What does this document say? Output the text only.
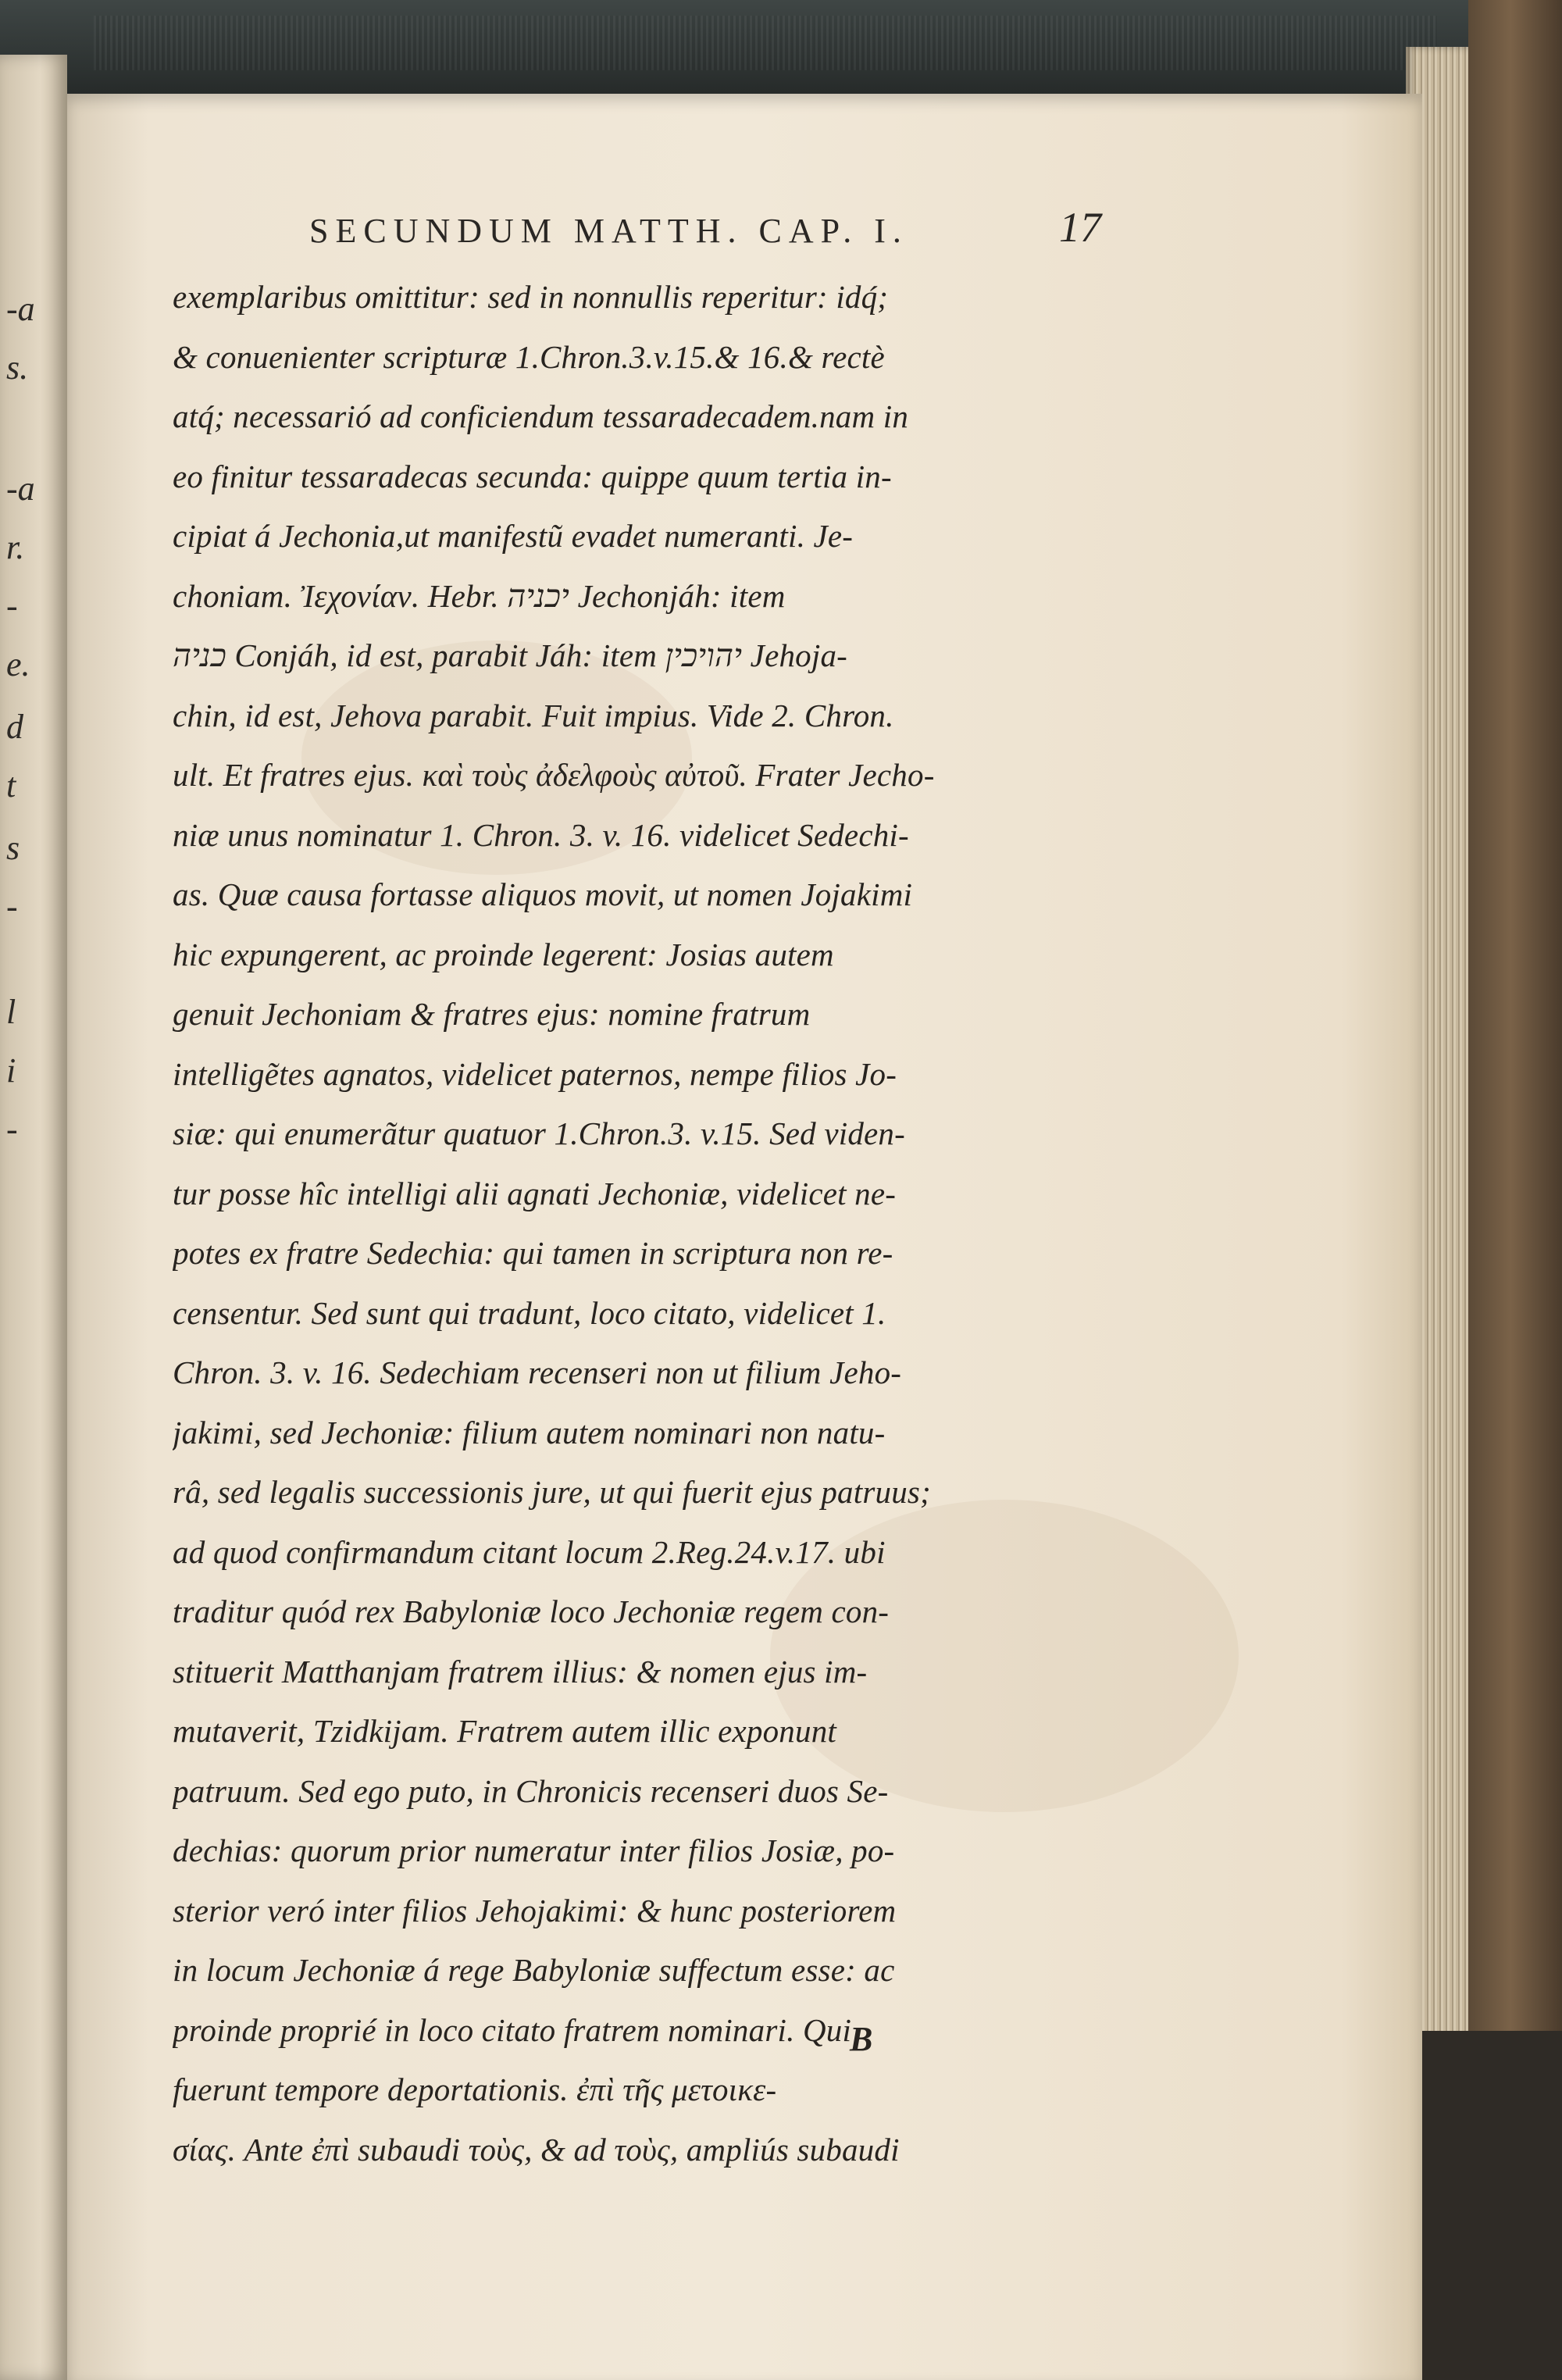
-a
s.
-a
r.
-
e.
d
t
s
-
l
i
-
SECUNDUM MATTH. CAP. I.	17
exemplaribus omittitur: sed in nonnullis reperitur: idq́;
& conuenienter scripturæ 1.Chron.3.v.15.& 16.& rectè
atq́; necessarió ad conficiendum tessaradecadem.nam in
eo finitur tessaradecas secunda: quippe quum tertia in-
cipiat á Jechonia,ut manifestũ evadet numeranti. Je-
choniam. Ἰεχονίαν. Hebr. יכניה Jechonjáh: item
כניה Conjáh, id est, parabit Jáh: item יהויכין Jehoja-
chin, id est, Jehova parabit. Fuit impius. Vide 2. Chron.
ult. Et fratres ejus. καὶ τοὺς ἀδελφοὺς αὐτοῦ. Frater Jecho-
niæ unus nominatur 1. Chron. 3. v. 16. videlicet Sedechi-
as. Quæ causa fortasse aliquos movit, ut nomen Jojakimi
hic expungerent, ac proinde legerent: Josias autem
genuit Jechoniam & fratres ejus: nomine fratrum
intelligẽtes agnatos, videlicet paternos, nempe filios Jo-
siæ: qui enumerãtur quatuor 1.Chron.3. v.15. Sed viden-
tur posse hîc intelligi alii agnati Jechoniæ, videlicet ne-
potes ex fratre Sedechia: qui tamen in scriptura non re-
censentur. Sed sunt qui tradunt, loco citato, videlicet 1.
Chron. 3. v. 16. Sedechiam recenseri non ut filium Jeho-
jakimi, sed Jechoniæ: filium autem nominari non natu-
râ, sed legalis successionis jure, ut qui fuerit ejus patruus;
ad quod confirmandum citant locum 2.Reg.24.v.17. ubi
traditur quód rex Babyloniæ loco Jechoniæ regem con-
stituerit Matthanjam fratrem illius: & nomen ejus im-
mutaverit, Tzidkijam. Fratrem autem illic exponunt
patruum. Sed ego puto, in Chronicis recenseri duos Se-
dechias: quorum prior numeratur inter filios Josiæ, po-
sterior veró inter filios Jehojakimi: & hunc posteriorem
in locum Jechoniæ á rege Babyloniæ suffectum esse: ac
proinde proprié in loco citato fratrem nominari. Qui
fuerunt tempore deportationis. ἐπὶ τῆς μετοικε-
σίας. Ante ἐπὶ subaudi τοὺς, & ad τοὺς, ampliús subaudi
B
